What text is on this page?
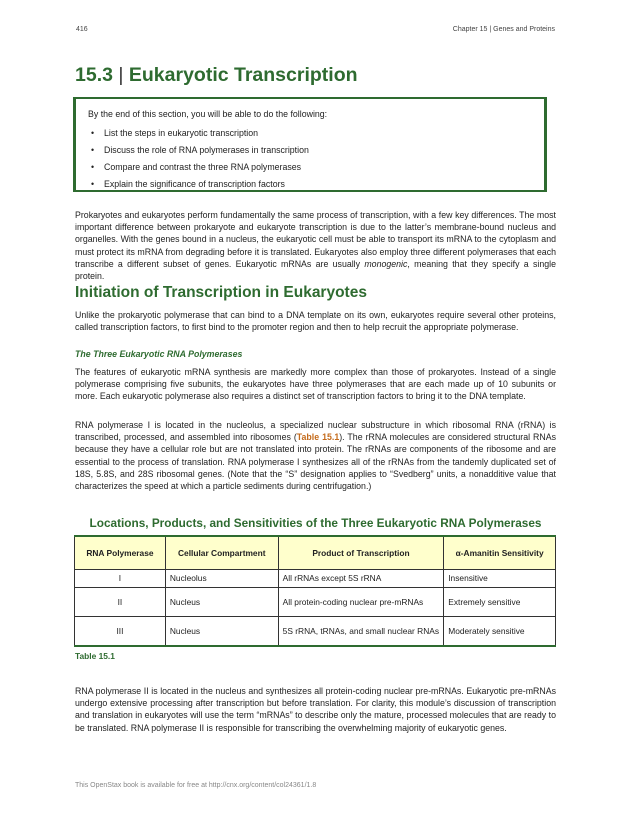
416	Chapter 15 | Genes and Proteins
15.3 | Eukaryotic Transcription

By the end of this section, you will be able to do the following:

• List the steps in eukaryotic transcription
• Discuss the role of RNA polymerases in transcription
• Compare and contrast the three RNA polymerases
• Explain the significance of transcription factors

Prokaryotes and eukaryotes perform fundamentally the same process of transcription, with a few key differences. The most important difference between prokaryote and eukaryote transcription is due to the latter’s membrane-bound nucleus and organelles. With the genes bound in a nucleus, the eukaryotic cell must be able to transport its mRNA to the cytoplasm and must protect its mRNA from degrading before it is translated. Eukaryotes also employ three different polymerases that each transcribe a different subset of genes. Eukaryotic mRNAs are usually monogenic, meaning that they specify a single protein.

Initiation of Transcription in Eukaryotes

Unlike the prokaryotic polymerase that can bind to a DNA template on its own, eukaryotes require several other proteins, called transcription factors, to first bind to the promoter region and then to help recruit the appropriate polymerase.

The Three Eukaryotic RNA Polymerases

The features of eukaryotic mRNA synthesis are markedly more complex than those of prokaryotes. Instead of a single polymerase comprising five subunits, the eukaryotes have three polymerases that are each made up of 10 subunits or more. Each eukaryotic polymerase also requires a distinct set of transcription factors to bring it to the DNA template.

RNA polymerase I is located in the nucleolus, a specialized nuclear substructure in which ribosomal RNA (rRNA) is transcribed, processed, and assembled into ribosomes (Table 15.1). The rRNA molecules are considered structural RNAs because they have a cellular role but are not translated into protein. The rRNAs are components of the ribosome and are essential to the process of translation. RNA polymerase I synthesizes all of the rRNAs from the tandemly duplicated set of 18S, 5.8S, and 28S ribosomal genes. (Note that the “S” designation applies to “Svedberg” units, a nonadditive value that characterizes the speed at which a particle sediments during centrifugation.)

Locations, Products, and Sensitivities of the Three Eukaryotic RNA Polymerases

RNA Polymerase	Cellular Compartment	Product of Transcription	α-Amanitin Sensitivity
I	Nucleolus	All rRNAs except 5S rRNA	Insensitive
II	Nucleus	All protein-coding nuclear pre-mRNAs	Extremely sensitive
III	Nucleus	5S rRNA, tRNAs, and small nuclear RNAs	Moderately sensitive

Table 15.1

RNA polymerase II is located in the nucleus and synthesizes all protein-coding nuclear pre-mRNAs. Eukaryotic pre-mRNAs undergo extensive processing after transcription but before translation. For clarity, this module’s discussion of transcription and translation in eukaryotes will use the term “mRNAs” to describe only the mature, processed molecules that are ready to be translated. RNA polymerase II is responsible for transcribing the overwhelming majority of eukaryotic genes.

This OpenStax book is available for free at http://cnx.org/content/col24361/1.8
